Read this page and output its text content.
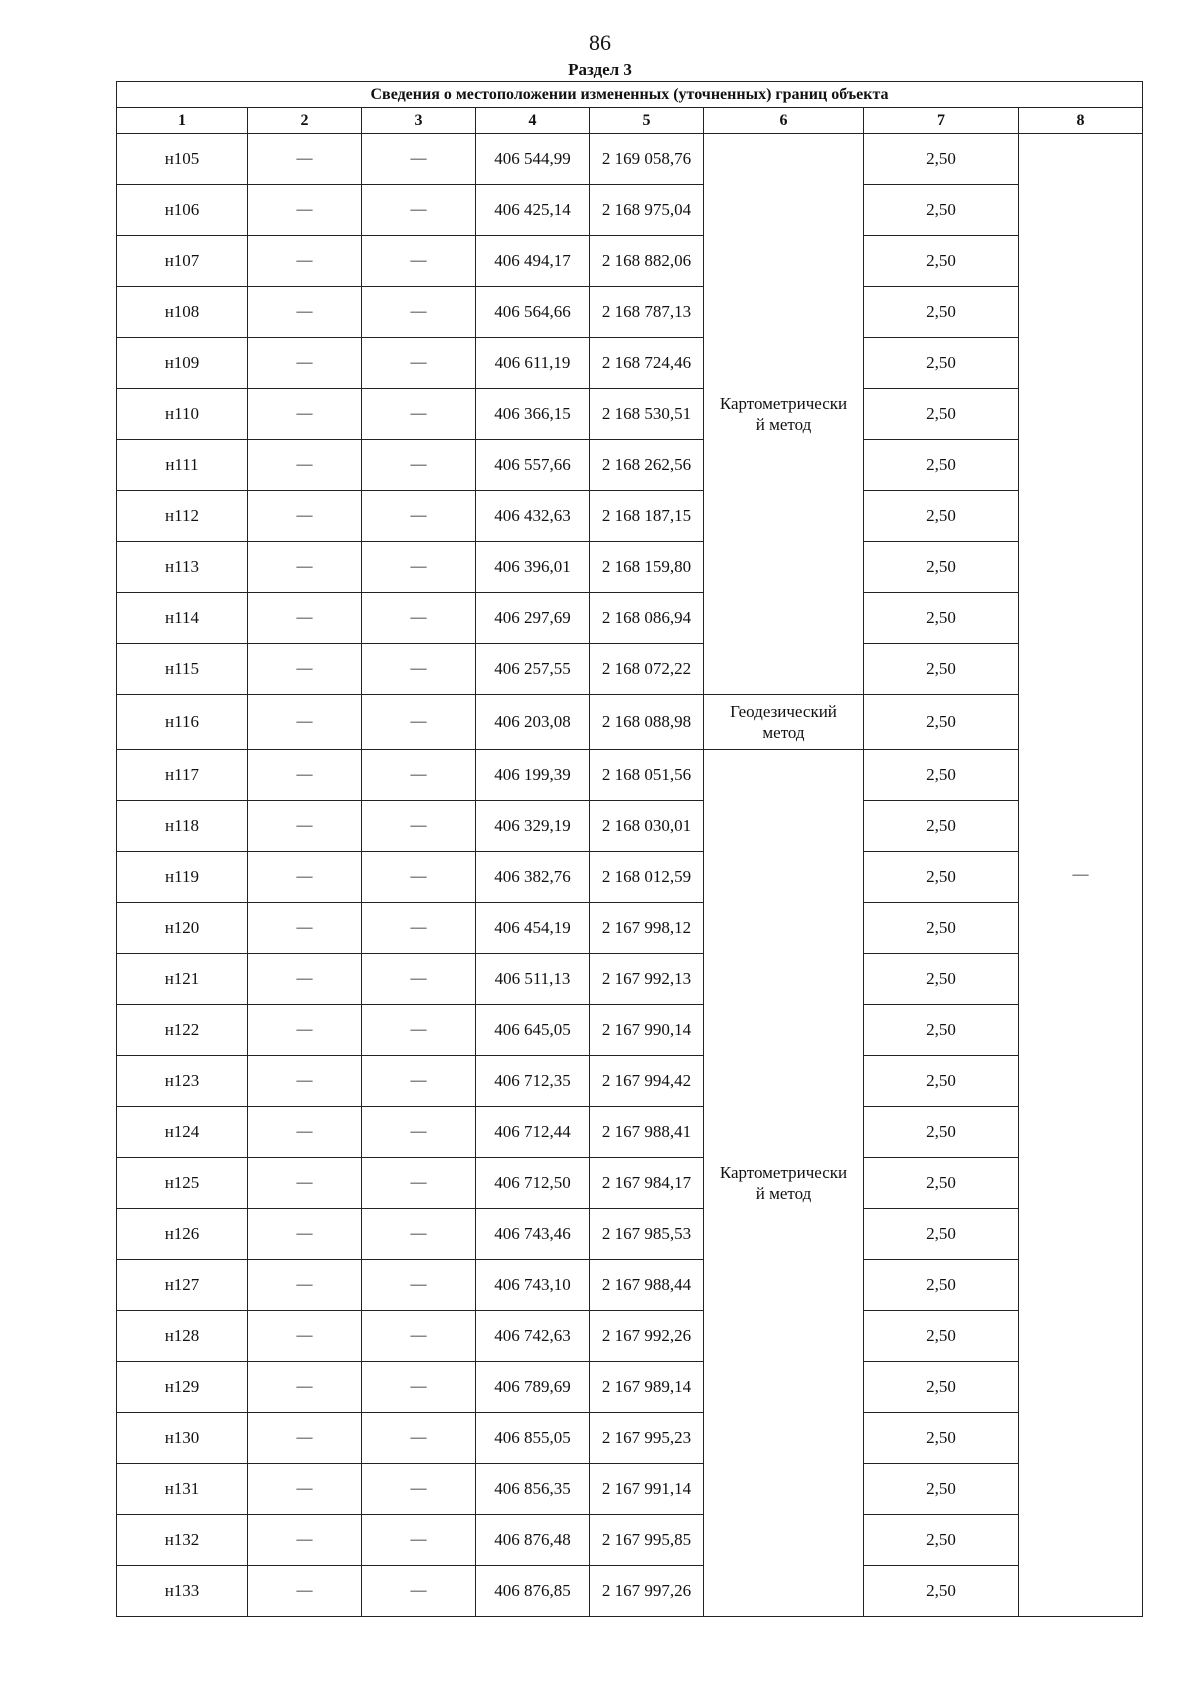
86
Раздел 3
Сведения о местоположении измененных (уточненных) границ объекта							
1	2	3	4	5	6	7	8
н105	—	—	406 544,99	2 169 058,76	Картометрически
й метод	2,50	—
н106	—	—	406 425,14	2 168 975,04		2,50	
н107	—	—	406 494,17	2 168 882,06		2,50	
н108	—	—	406 564,66	2 168 787,13		2,50	
н109	—	—	406 611,19	2 168 724,46		2,50	
н110	—	—	406 366,15	2 168 530,51		2,50	
н111	—	—	406 557,66	2 168 262,56		2,50	
н112	—	—	406 432,63	2 168 187,15		2,50	
н113	—	—	406 396,01	2 168 159,80		2,50	
н114	—	—	406 297,69	2 168 086,94		2,50	
н115	—	—	406 257,55	2 168 072,22		2,50	
н116	—	—	406 203,08	2 168 088,98	Геодезический
метод	2,50	
н117	—	—	406 199,39	2 168 051,56	Картометрически
й метод	2,50	
н118	—	—	406 329,19	2 168 030,01		2,50	
н119	—	—	406 382,76	2 168 012,59		2,50	
н120	—	—	406 454,19	2 167 998,12		2,50	
н121	—	—	406 511,13	2 167 992,13		2,50	
н122	—	—	406 645,05	2 167 990,14		2,50	
н123	—	—	406 712,35	2 167 994,42		2,50	
н124	—	—	406 712,44	2 167 988,41		2,50	
н125	—	—	406 712,50	2 167 984,17		2,50	
н126	—	—	406 743,46	2 167 985,53		2,50	
н127	—	—	406 743,10	2 167 988,44		2,50	
н128	—	—	406 742,63	2 167 992,26		2,50	
н129	—	—	406 789,69	2 167 989,14		2,50	
н130	—	—	406 855,05	2 167 995,23		2,50	
н131	—	—	406 856,35	2 167 991,14		2,50	
н132	—	—	406 876,48	2 167 995,85		2,50	
н133	—	—	406 876,85	2 167 997,26		2,50	
